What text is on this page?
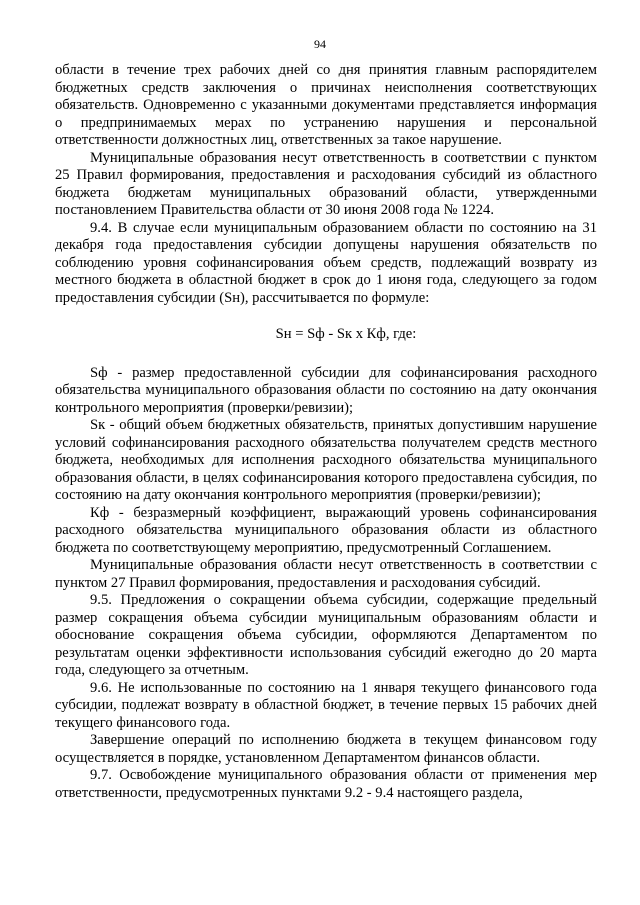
94

области в течение трех рабочих дней со дня принятия главным распорядителем бюджетных средств заключения о причинах неисполнения соответствующих обязательств. Одновременно с указанными документами представляется информация о предпринимаемых мерах по устранению нарушения и персональной ответственности должностных лиц, ответственных за такое нарушение.

Муниципальные образования несут ответственность в соответствии с пунктом 25 Правил формирования, предоставления и расходования субсидий из областного бюджета бюджетам муниципальных образований области, утвержденными постановлением Правительства области от 30 июня 2008 года № 1224.

9.4. В случае если муниципальным образованием области по состоянию на 31 декабря года предоставления субсидии допущены нарушения обязательств по соблюдению уровня софинансирования объем средств, подлежащий возврату из местного бюджета в областной бюджет в срок до 1 июня года, следующего за годом предоставления субсидии (Sн), рассчитывается по формуле:

Sн = Sф - Sк х Кф, где:

Sф - размер предоставленной субсидии для софинансирования расходного обязательства муниципального образования области по состоянию на дату окончания контрольного мероприятия (проверки/ревизии);

Sк - общий объем бюджетных обязательств, принятых допустившим нарушение условий софинансирования расходного обязательства получателем средств местного бюджета, необходимых для исполнения расходного обязательства муниципального образования области, в целях софинансирования которого предоставлена субсидия, по состоянию на дату окончания контрольного мероприятия (проверки/ревизии);

Кф - безразмерный коэффициент, выражающий уровень софинансирования расходного обязательства муниципального образования области из областного бюджета по соответствующему мероприятию, предусмотренный Соглашением.

Муниципальные образования области несут ответственность в соответствии с пунктом 27 Правил формирования, предоставления и расходования субсидий.

9.5. Предложения о сокращении объема субсидии, содержащие предельный размер сокращения объема субсидии муниципальным образованиям области и обоснование сокращения объема субсидии, оформляются Департаментом по результатам оценки эффективности использования субсидий ежегодно до 20 марта года, следующего за отчетным.

9.6. Не использованные по состоянию на 1 января текущего финансового года субсидии, подлежат возврату в областной бюджет, в течение первых 15 рабочих дней текущего финансового года.

Завершение операций по исполнению бюджета в текущем финансовом году осуществляется в порядке, установленном Департаментом финансов области.

9.7. Освобождение муниципального образования области от применения мер ответственности, предусмотренных пунктами 9.2 - 9.4 настоящего раздела,
